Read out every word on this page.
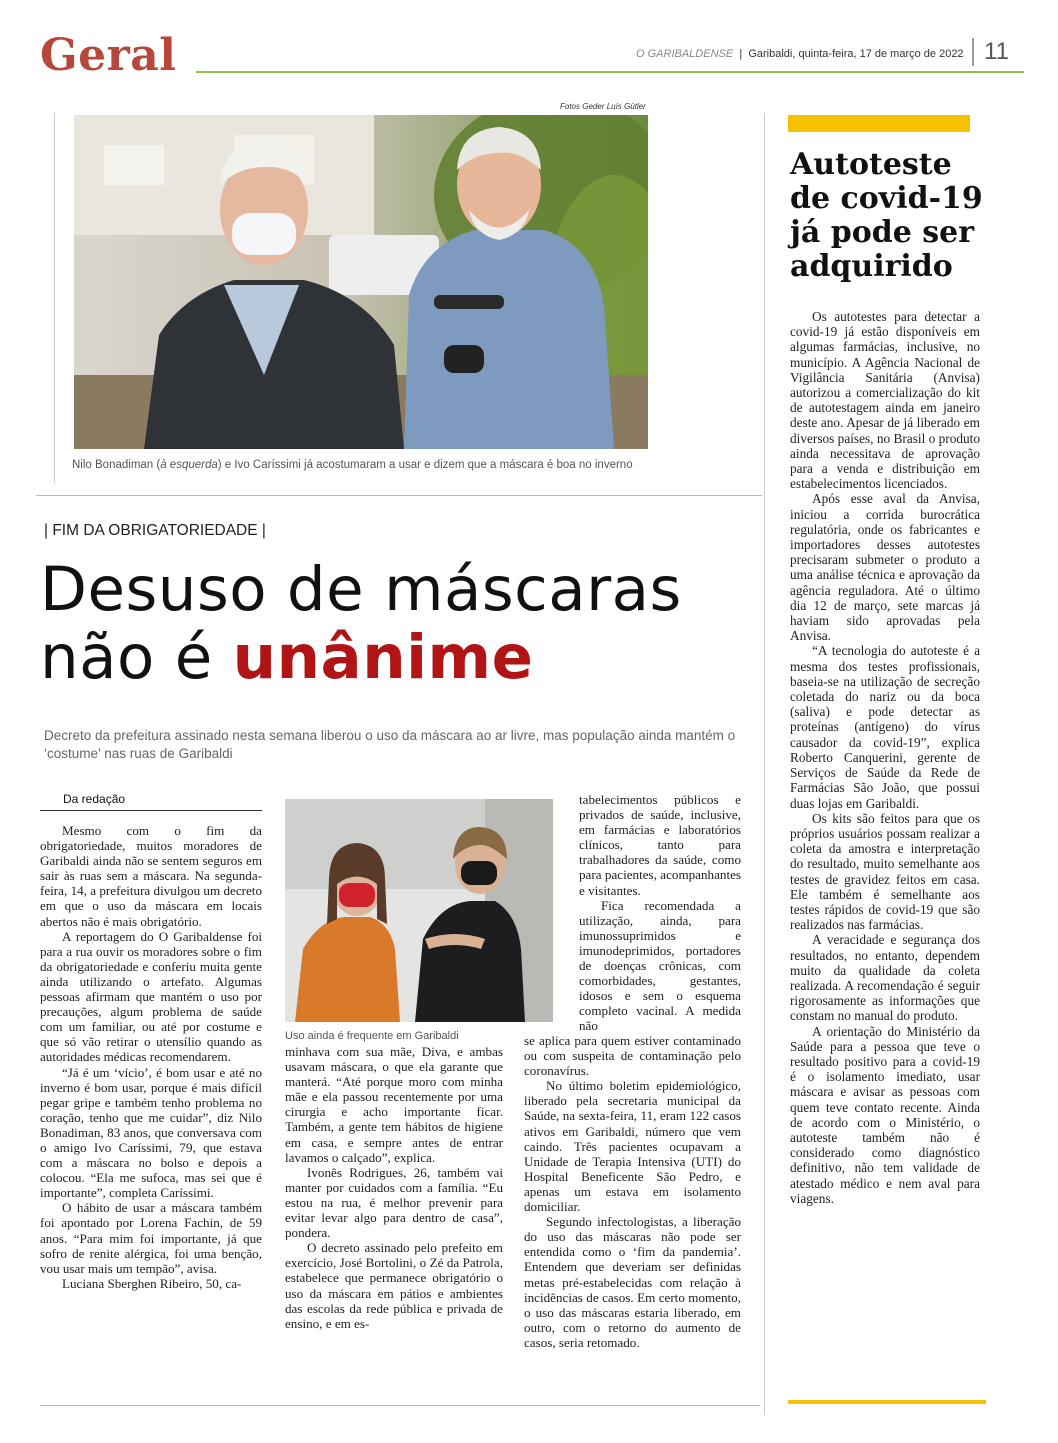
Geral	O GARIBALDENSE  |  Garibaldi, quinta-feira, 17 de março de 2022 11
Fotos Geder Luís Gütler
Nilo Bonadiman (à esquerda) e Ivo Caríssimi já acostumaram a usar e dizem que a máscara é boa no inverno
| FIM DA OBRIGATORIEDADE |
Desuso de máscaras
não é unânime
Decreto da prefeitura assinado nesta semana liberou o uso da máscara ao ar livre, mas população ainda mantém o ‘costume’ nas ruas de Garibaldi
Da redação

Mesmo com o fim da obrigatoriedade, muitos moradores de Garibaldi ainda não se sentem seguros em sair às ruas sem a máscara. Na segunda-feira, 14, a prefeitura divulgou um decreto em que o uso da máscara em locais abertos não é mais obrigatório.

A reportagem do O Garibaldense foi para a rua ouvir os moradores sobre o fim da obrigatoriedade e conferiu muita gente ainda utilizando o artefato. Algumas pessoas afirmam que mantém o uso por precauções, algum problema de saúde com um familiar, ou até por costume e que só vão retirar o utensílio quando as autoridades médicas recomendarem.

“Já é um ‘vício’, é bom usar e até no inverno é bom usar, porque é mais difícil pegar gripe e também tenho problema no coração, tenho que me cuidar”, diz Nilo Bonadiman, 83 anos, que conversava com o amigo Ivo Caríssimi, 79, que estava com a máscara no bolso e depois a colocou. “Ela me sufoca, mas sei que é importante”, completa Caríssimi.

O hábito de usar a máscara também foi apontado por Lorena Fachin, de 59 anos. “Para mim foi importante, já que sofro de renite alérgica, foi uma benção, vou usar mais um tempão”, avisa.

Luciana Sberghen Ribeiro, 50, ca-

Uso ainda é frequente em Garibaldi

minhava com sua mãe, Diva, e ambas usavam máscara, o que ela garante que manterá. “Até porque moro com minha mãe e ela passou recentemente por uma cirurgia e acho importante ficar. Também, a gente tem hábitos de higiene em casa, e sempre antes de entrar lavamos o calçado”, explica.

Ivonês Rodrigues, 26, também vai manter por cuidados com a família. “Eu estou na rua, é melhor prevenir para evitar levar algo para dentro de casa”, pondera.

O decreto assinado pelo prefeito em exercício, José Bortolini, o Zé da Patrola, estabelece que permanece obrigatório o uso da máscara em pátios e ambientes das escolas da rede pública e privada de ensino, e em es-

tabelecimentos públicos e privados de saúde, inclusive, em farmácias e laboratórios clínicos, tanto para trabalhadores da saúde, como para pacientes, acompanhantes e visitantes.

Fica recomendada a utilização, ainda, para imunossuprimidos e imunodeprimidos, portadores de doenças crônicas, com comorbidades, gestantes, idosos e sem o esquema completo vacinal. A medida não

se aplica para quem estiver contaminado ou com suspeita de contaminação pelo coronavírus.

No último boletim epidemiológico, liberado pela secretaria municipal da Saúde, na sexta-feira, 11, eram 122 casos ativos em Garibaldi, número que vem caindo. Três pacientes ocupavam a Unidade de Terapia Intensiva (UTI) do Hospital Beneficente São Pedro, e apenas um estava em isolamento domiciliar.

Segundo infectologistas, a liberação do uso das máscaras não pode ser entendida como o ‘fim da pandemia’. Entendem que deveriam ser definidas metas pré-estabelecidas com relação à incidências de casos. Em certo momento, o uso das máscaras estaria liberado, em outro, com o retorno do aumento de casos, seria retomado.

Autoteste de covid-19 já pode ser adquirido

Os autotestes para detectar a covid-19 já estão disponíveis em algumas farmácias, inclusive, no município. A Agência Nacional de Vigilância Sanitária (Anvisa) autorizou a comercialização do kit de autotestagem ainda em janeiro deste ano. Apesar de já liberado em diversos países, no Brasil o produto ainda necessitava de aprovação para a venda e distribuição em estabelecimentos licenciados.

Após esse aval da Anvisa, iniciou a corrida burocrática regulatória, onde os fabricantes e importadores desses autotestes precisaram submeter o produto a uma análise técnica e aprovação da agência reguladora. Até o último dia 12 de março, sete marcas já haviam sido aprovadas pela Anvisa.

“A tecnologia do autoteste é a mesma dos testes profissionais, baseia-se na utilização de secreção coletada do nariz ou da boca (saliva) e pode detectar as proteínas (antígeno) do vírus causador da covid-19”, explica Roberto Canquerini, gerente de Serviços de Saúde da Rede de Farmácias São João, que possui duas lojas em Garibaldi.

Os kits são feitos para que os próprios usuários possam realizar a coleta da amostra e interpretação do resultado, muito semelhante aos testes de gravidez feitos em casa. Ele também é semelhante aos testes rápidos de covid-19 que são realizados nas farmácias.

A veracidade e segurança dos resultados, no entanto, dependem muito da qualidade da coleta realizada. A recomendação é seguir rigorosamente as informações que constam no manual do produto.

A orientação do Ministério da Saúde para a pessoa que teve o resultado positivo para a covid-19 é o isolamento imediato, usar máscara e avisar as pessoas com quem teve contato recente. Ainda de acordo com o Ministério, o autoteste também não é considerado como diagnóstico definitivo, não tem validade de atestado médico e nem aval para viagens.
